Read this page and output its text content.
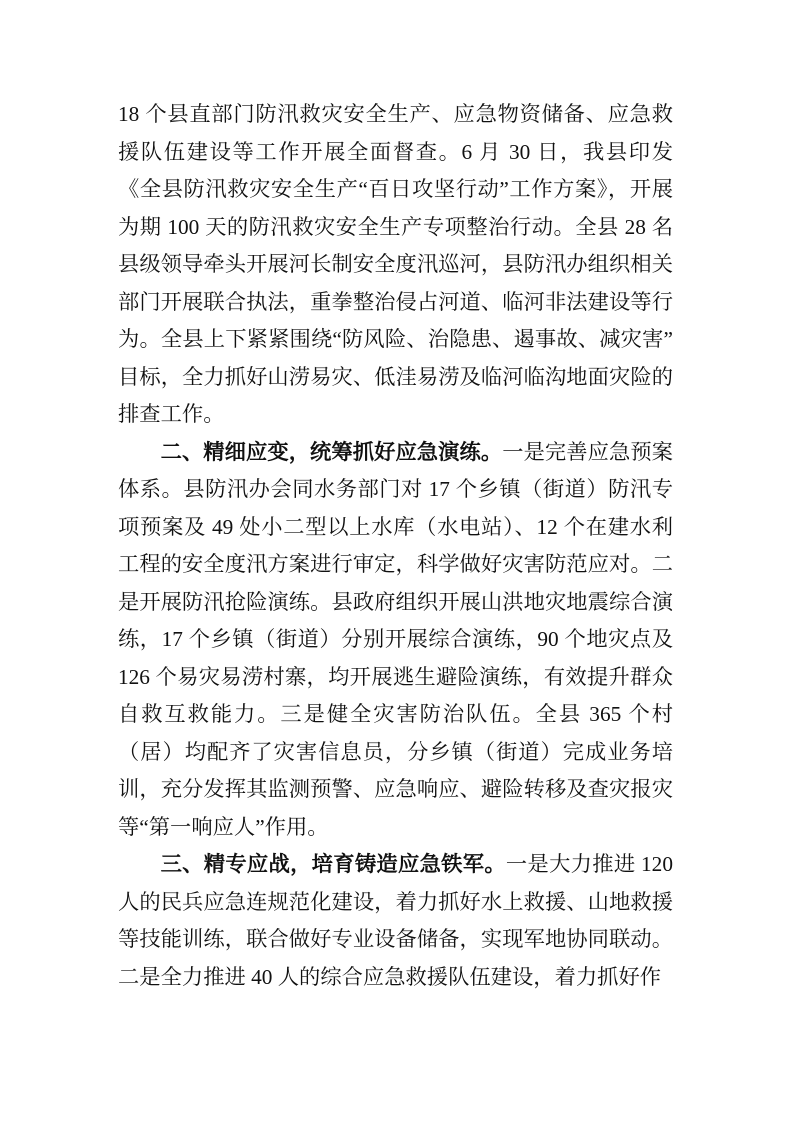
18 个县直部门防汛救灾安全生产、应急物资储备、应急救援队伍建设等工作开展全面督查。6 月 30 日，我县印发《全县防汛救灾安全生产“百日攻坚行动”工作方案》，开展为期 100 天的防汛救灾安全生产专项整治行动。全县 28 名县级领导牵头开展河长制安全度汛巡河，县防汛办组织相关部门开展联合执法，重拳整治侵占河道、临河非法建设等行为。全县上下紧紧围绕“防风险、治隐患、遏事故、减灾害”目标，全力抓好山涝易灾、低洼易涝及临河临沟地面灾险的排查工作。

二、精细应变，统筹抓好应急演练。一是完善应急预案体系。县防汛办会同水务部门对 17 个乡镇（街道）防汛专项预案及 49 处小二型以上水库（水电站）、12 个在建水利工程的安全度汛方案进行审定，科学做好灾害防范应对。二是开展防汛抢险演练。县政府组织开展山洪地灾地震综合演练，17 个乡镇（街道）分别开展综合演练，90 个地灾点及 126 个易灾易涝村寨，均开展逃生避险演练，有效提升群众自救互救能力。三是健全灾害防治队伍。全县 365 个村（居）均配齐了灾害信息员，分乡镇（街道）完成业务培训，充分发挥其监测预警、应急响应、避险转移及查灾报灾等“第一响应人”作用。

三、精专应战，培育铸造应急铁军。一是大力推进 120 人的民兵应急连规范化建设，着力抓好水上救援、山地救援等技能训练，联合做好专业设备储备，实现军地协同联动。二是全力推进 40 人的综合应急救援队伍建设，着力抓好作
